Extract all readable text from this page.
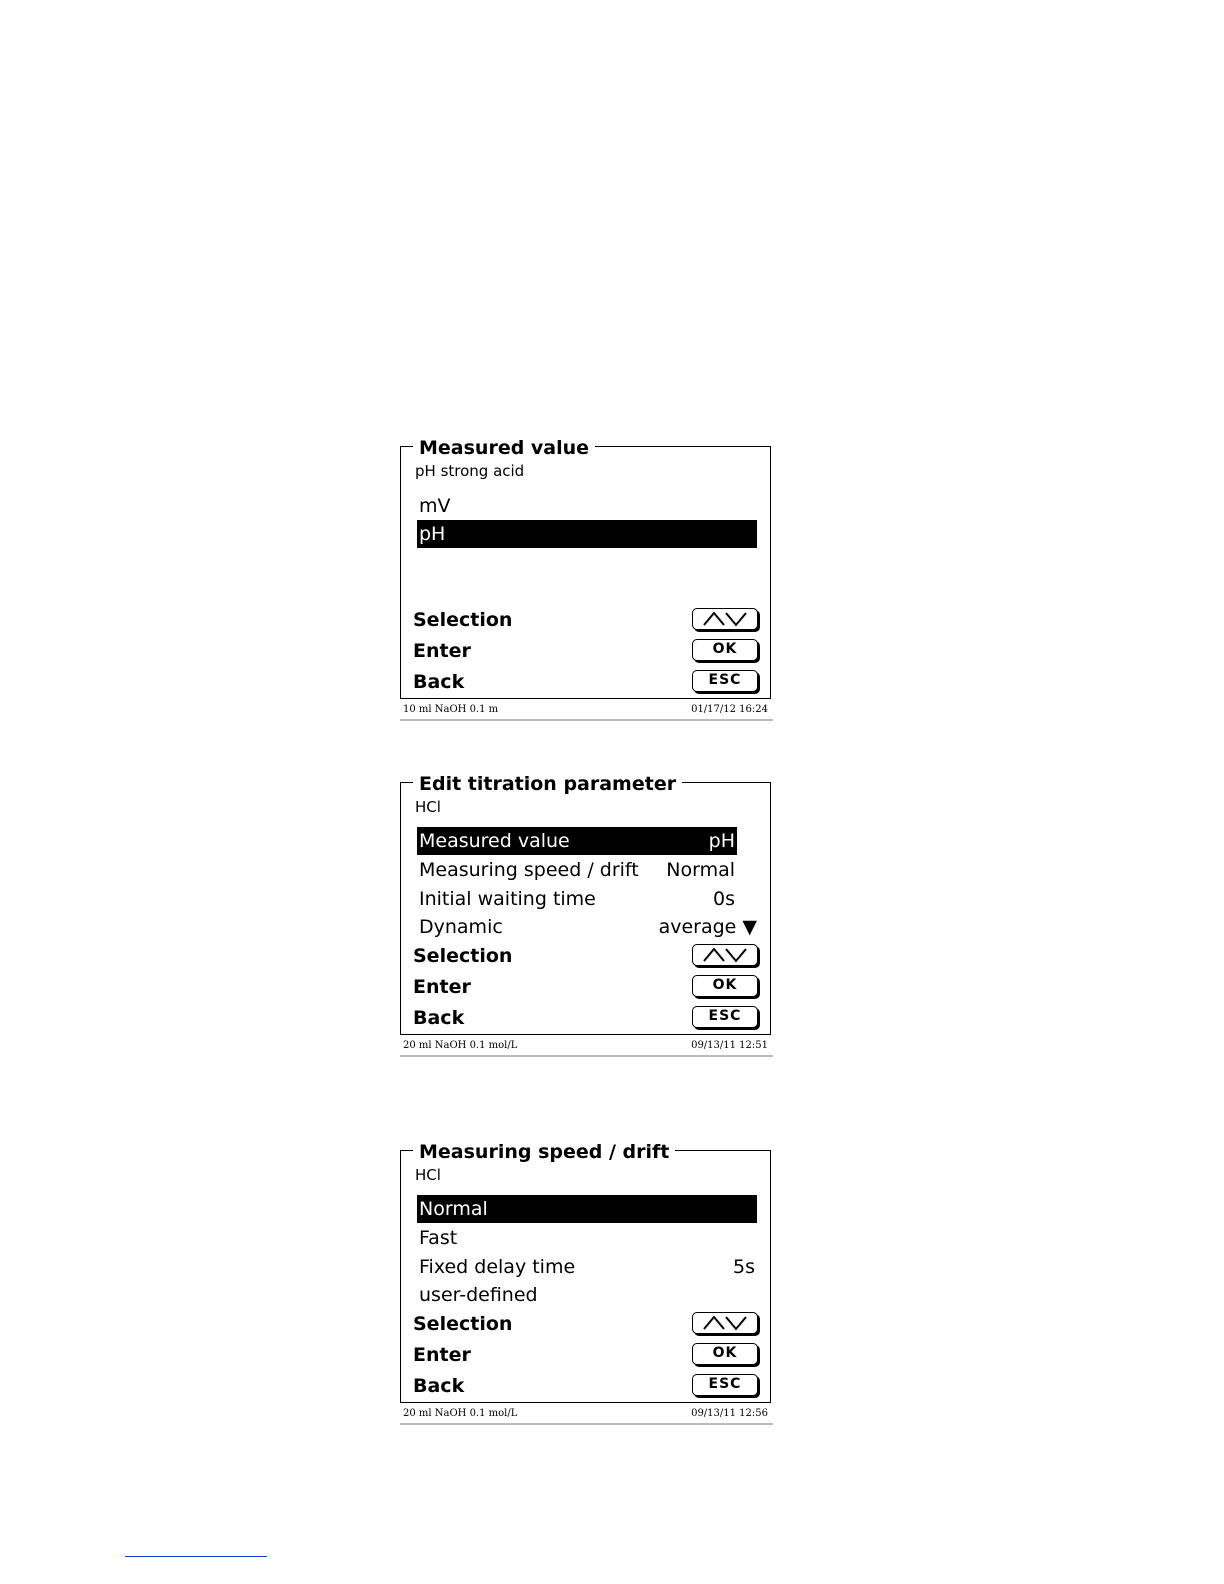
Measured value
pH strong acid
mV
pH
Selection
Enter	OK
Back	ESC
10 ml NaOH 0.1 m	01/17/12 16:24
Edit titration parameter
HCl
Measured value	pH
Measuring speed / drift Normal
Initial waiting time	0s
Dynamic	average ▼
Selection
Enter	OK
Back	ESC
20 ml NaOH 0.1 mol/L	09/13/11 12:51
Measuring speed / drift
HCl
Normal
Fast
Fixed delay time	5s
user-defined
Selection
Enter	OK
Back	ESC
20 ml NaOH 0.1 mol/L	09/13/11 12:56
